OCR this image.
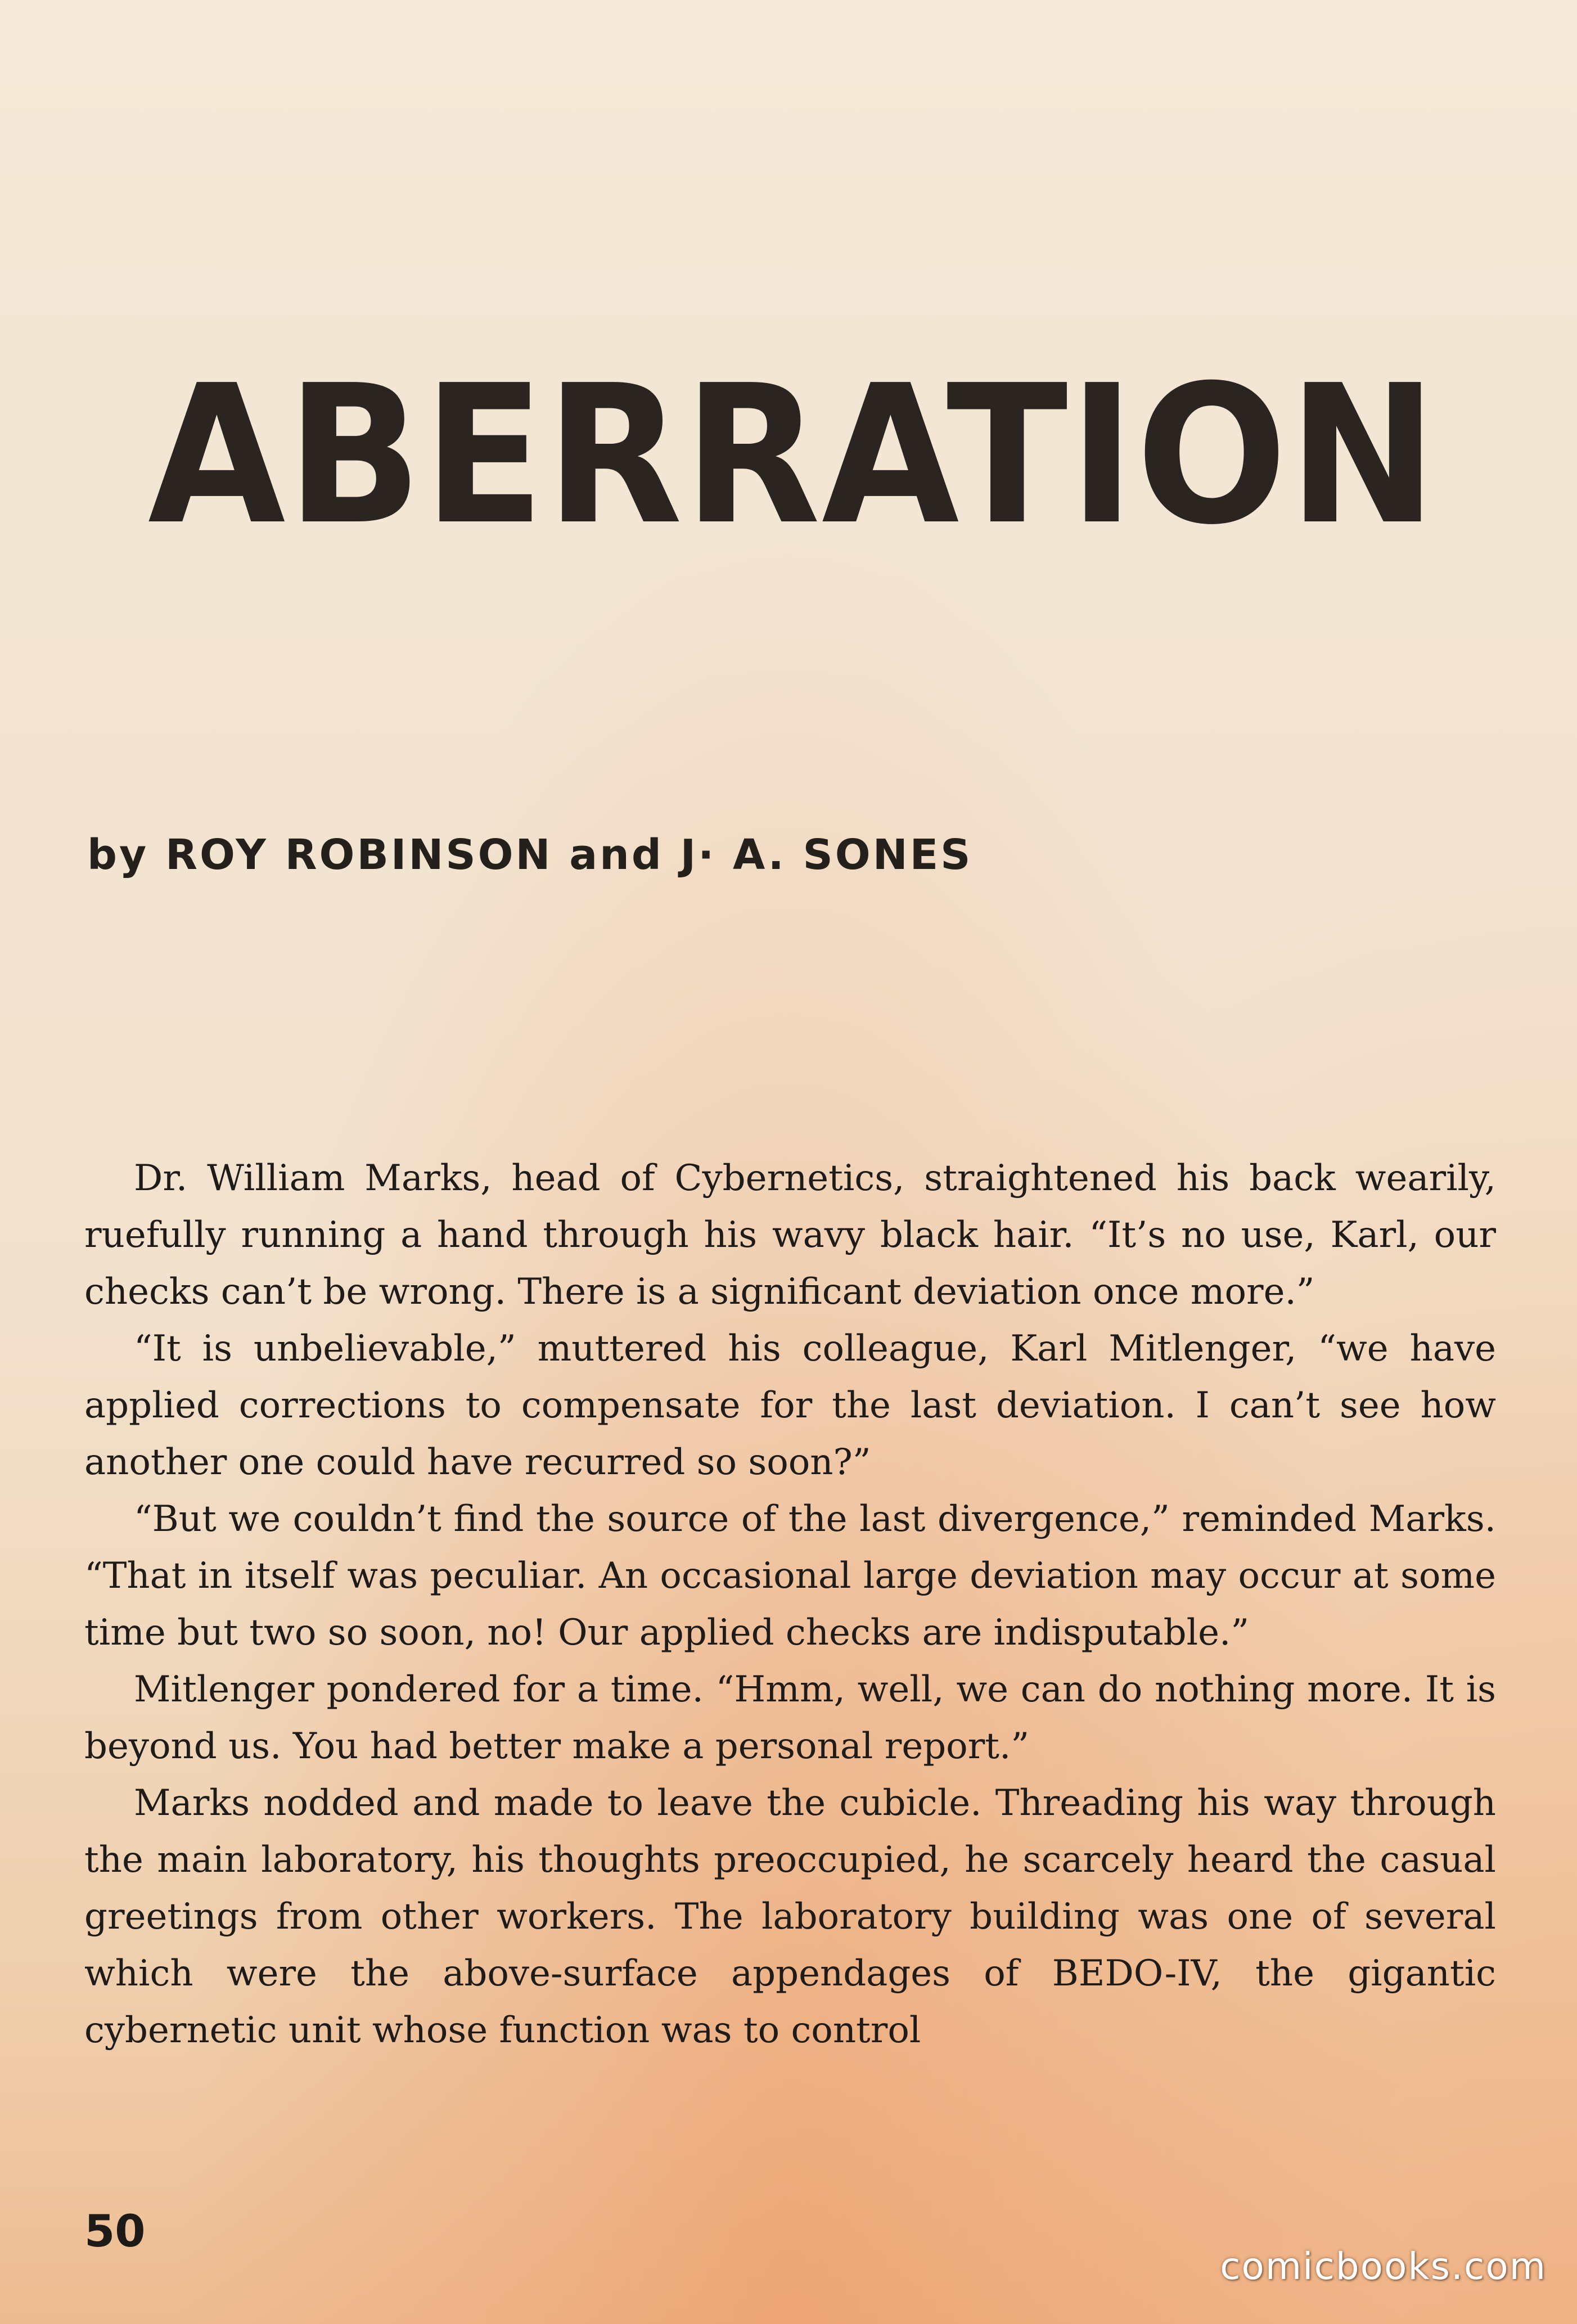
ABERRATION
by ROY ROBINSON and J· A. SONES

Dr. William Marks, head of Cybernetics, straightened his back wearily, ruefully running a hand through his wavy black hair. “It’s no use, Karl, our checks can’t be wrong. There is a significant deviation once more.”

“It is unbelievable,” muttered his colleague, Karl Mitlenger, “we have applied corrections to compensate for the last deviation. I can’t see how another one could have recurred so soon?”

“But we couldn’t find the source of the last divergence,” reminded Marks. “That in itself was peculiar. An occasional large deviation may occur at some time but two so soon, no! Our applied checks are indisputable.”

Mitlenger pondered for a time. “Hmm, well, we can do nothing more. It is beyond us. You had better make a personal report.”

Marks nodded and made to leave the cubicle. Threading his way through the main laboratory, his thoughts preoccupied, he scarcely heard the casual greetings from other workers. The laboratory building was one of several which were the above-surface appendages of BEDO-IV, the gigantic cybernetic unit whose function was to control

50
comicbooks.com
